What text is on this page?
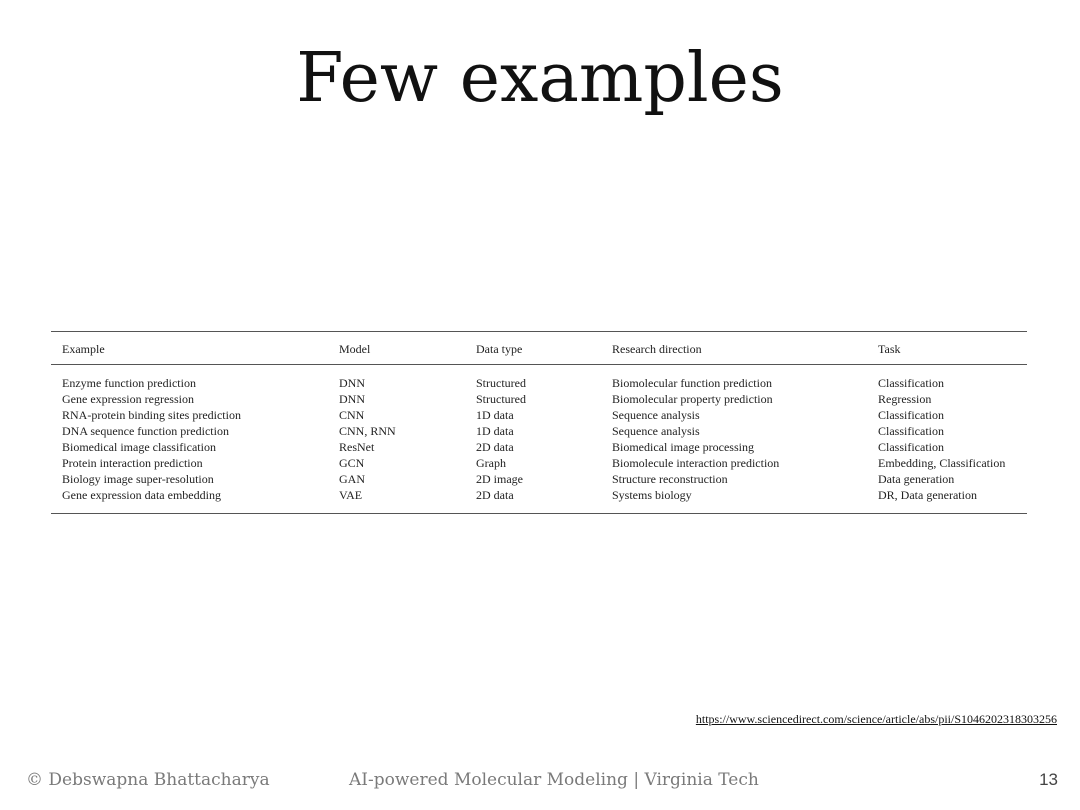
Few examples
Example	Model	Data type	Research direction	Task
Enzyme function prediction	DNN	Structured	Biomolecular function prediction	Classification
Gene expression regression	DNN	Structured	Biomolecular property prediction	Regression
RNA-protein binding sites prediction	CNN	1D data	Sequence analysis	Classification
DNA sequence function prediction	CNN, RNN	1D data	Sequence analysis	Classification
Biomedical image classification	ResNet	2D data	Biomedical image processing	Classification
Protein interaction prediction	GCN	Graph	Biomolecule interaction prediction	Embedding, Classification
Biology image super-resolution	GAN	2D image	Structure reconstruction	Data generation
Gene expression data embedding	VAE	2D data	Systems biology	DR, Data generation
https://www.sciencedirect.com/science/article/abs/pii/S1046202318303256
© Debswapna Bhattacharya	AI-powered Molecular Modeling | Virginia Tech	13
